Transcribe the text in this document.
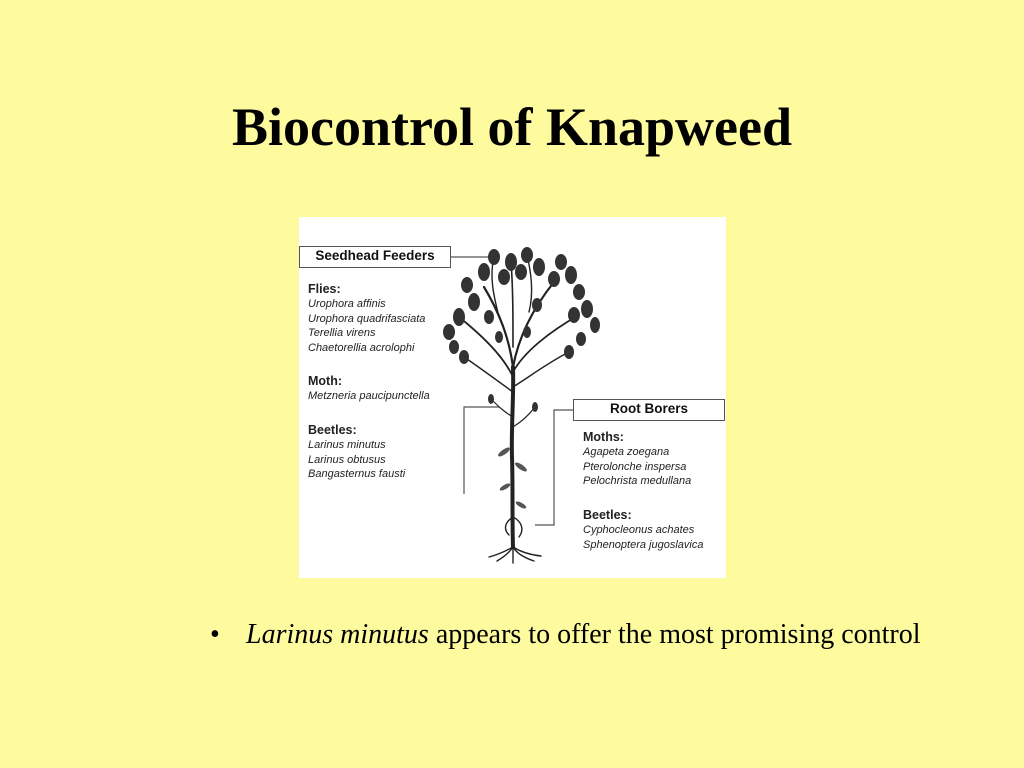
Biocontrol of Knapweed
Seedhead Feeders
Flies:
Urophora affinis
Urophora quadrifasciata
Terellia virens
Chaetorellia acrolophi
Moth:
Metzneria paucipunctella
Beetles:
Larinus minutus
Larinus obtusus
Bangasternus fausti
Root Borers
Moths:
Agapeta zoegana
Pterolonche inspersa
Pelochrista medullana
Beetles:
Cyphocleonus achates
Sphenoptera jugoslavica
• Larinus minutus appears to offer the most promising control
